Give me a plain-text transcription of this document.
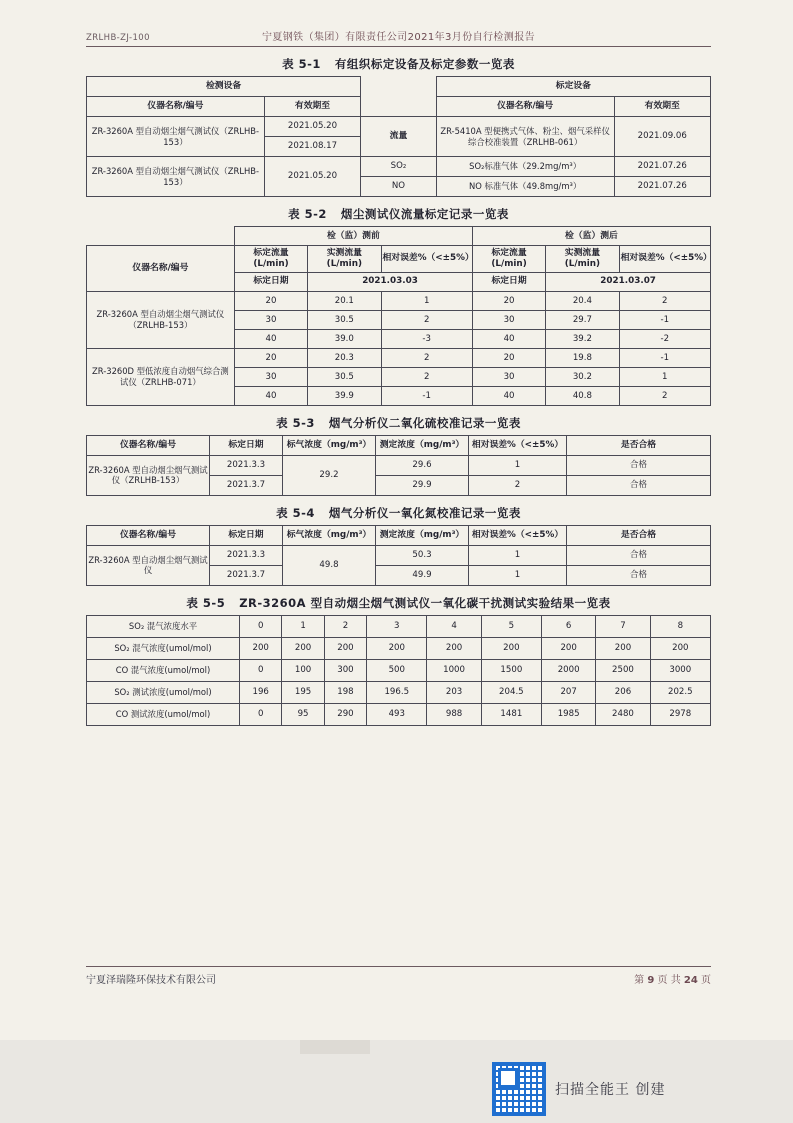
ZRLHB-ZJ-100	宁夏钢铁（集团）有限责任公司2021年3月份自行检测报告
表 5-1 有组织标定设备及标定参数一览表
检测设备			标定设备	
仪器名称/编号	有效期至		仪器名称/编号	有效期至
ZR-3260A 型自动烟尘烟气测试仪（ZRLHB-153）	2021.05.20	流量	ZR-5410A 型便携式气体、粉尘、烟气采样仪综合校准装置（ZRLHB-061）	2021.09.06
	2021.08.17			
ZR-3260A 型自动烟尘烟气测试仪（ZRLHB-153）	2021.05.20	SO₂	SO₂标准气体（29.2mg/m³）	2021.07.26
		NO	NO 标准气体（49.8mg/m³）	2021.07.26
表 5-2 烟尘测试仪流量标定记录一览表
	检（监）测前			检（监）测后		
仪器名称/编号	标定流量(L/min)	实测流量(L/min)	相对误差%（<±5%）	标定流量(L/min)	实测流量(L/min)	相对误差%（<±5%）
	标定日期	2021.03.03		标定日期	2021.03.07	
ZR-3260A 型自动烟尘烟气测试仪（ZRLHB-153）	20	20.1	1	20	20.4	2
	30	30.5	2	30	29.7	-1
	40	39.0	-3	40	39.2	-2
ZR-3260D 型低浓度自动烟气综合测试仪（ZRLHB-071）	20	20.3	2	20	19.8	-1
	30	30.5	2	30	30.2	1
	40	39.9	-1	40	40.8	2
表 5-3 烟气分析仪二氧化硫校准记录一览表
仪器名称/编号	标定日期	标气浓度（mg/m³）	测定浓度（mg/m³）	相对误差%（<±5%）	是否合格
ZR-3260A 型自动烟尘烟气测试仪（ZRLHB-153）	2021.3.3	29.2	29.6	1	合格
	2021.3.7		29.9	2	合格
表 5-4 烟气分析仪一氧化氮校准记录一览表
仪器名称/编号	标定日期	标气浓度（mg/m³）	测定浓度（mg/m³）	相对误差%（<±5%）	是否合格
ZR-3260A 型自动烟尘烟气测试仪	2021.3.3	49.8	50.3	1	合格
	2021.3.7		49.9	1	合格
表 5-5 ZR-3260A 型自动烟尘烟气测试仪一氧化碳干扰测试实验结果一览表
SO₂ 混气浓度水平	0	1	2	3	4	5	6	7	8
SO₂ 混气浓度(umol/mol)	200	200	200	200	200	200	200	200	200
CO 混气浓度(umol/mol)	0	100	300	500	1000	1500	2000	2500	3000
SO₂ 测试浓度(umol/mol)	196	195	198	196.5	203	204.5	207	206	202.5
CO 测试浓度(umol/mol)	0	95	290	493	988	1481	1985	2480	2978
宁夏泽瑞隆环保技术有限公司	第 9 页 共 24 页
扫描全能王 创建
